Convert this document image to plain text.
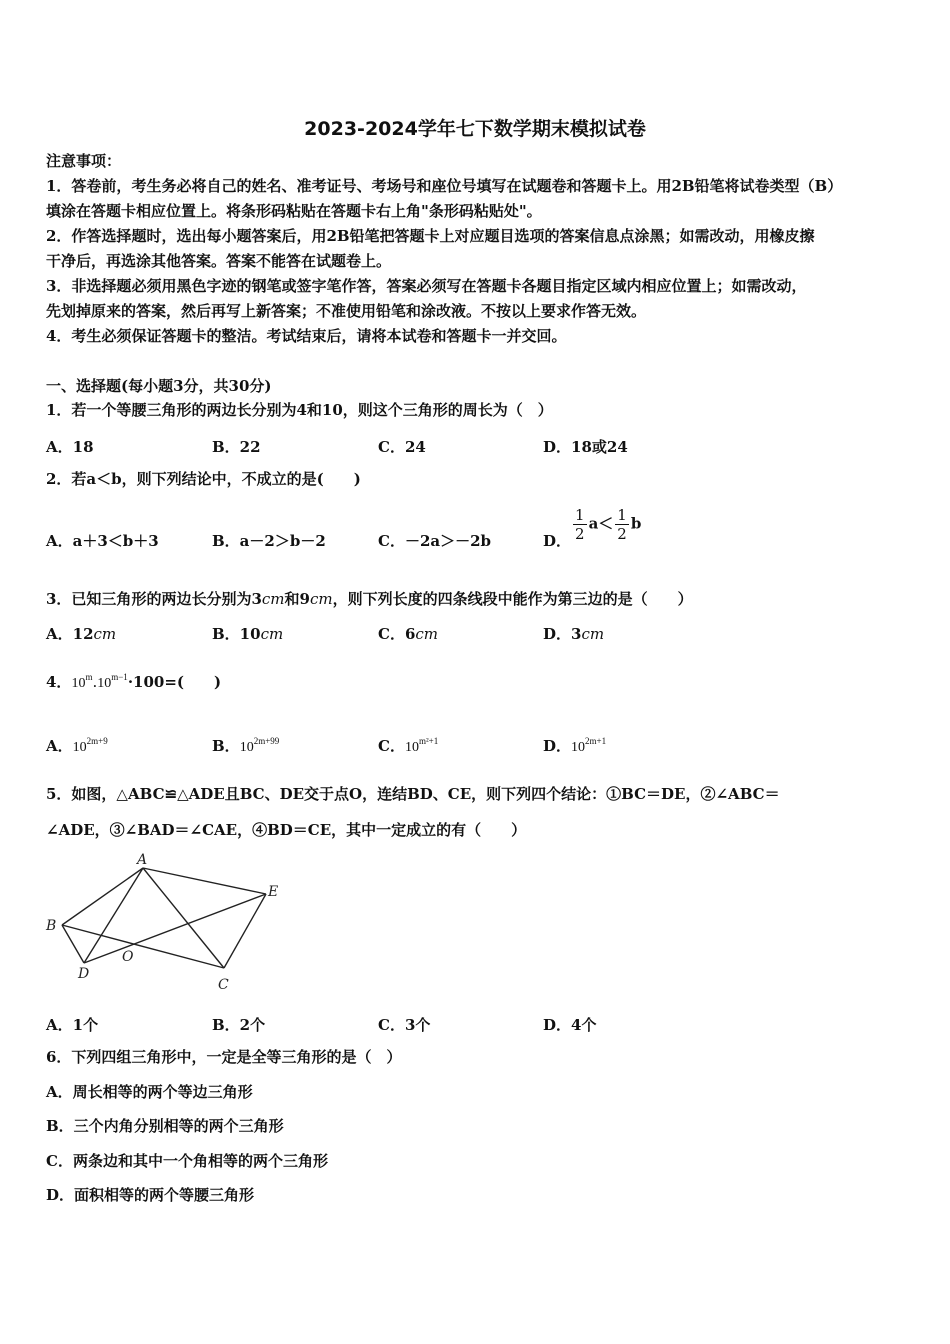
2023-2024学年七下数学期末模拟试卷
注意事项：
1．答卷前，考生务必将自己的姓名、准考证号、考场号和座位号填写在试题卷和答题卡上。用2B铅笔将试卷类型（B）
填涂在答题卡相应位置上。将条形码粘贴在答题卡右上角"条形码粘贴处"。
2．作答选择题时，选出每小题答案后，用2B铅笔把答题卡上对应题目选项的答案信息点涂黑；如需改动，用橡皮擦
干净后，再选涂其他答案。答案不能答在试题卷上。
3．非选择题必须用黑色字迹的钢笔或签字笔作答，答案必须写在答题卡各题目指定区域内相应位置上；如需改动，
先划掉原来的答案，然后再写上新答案；不准使用铅笔和涂改液。不按以上要求作答无效。
4．考生必须保证答题卡的整洁。考试结束后，请将本试卷和答题卡一并交回。
一、选择题(每小题3分，共30分)
1．若一个等腰三角形的两边长分别为4和10，则这个三角形的周长为（　）
A．18	B．22	C．24	D．18或24
2．若a＜b，则下列结论中，不成立的是(　　)
A．a＋3＜b＋3	B．a－2＞b－2	C．－2a＞－2b	D． $\frac{1}{2} a< \frac{1}{2}$ b
3．已知三角形的两边长分别为3cm和9cm，则下列长度的四条线段中能作为第三边的是（　　）
A．12cm	B．10cm	C．6cm	D．3cm
4．$10^m.10^{m-1}\cdot 100=$(　　)
A．$10^{2m+9}$	B．$10^{2m+99}$	C．$10^{m^2+1}$	D．$10^{2m+1}$
5．如图，△ABC≌△ADE且BC、DE交于点O，连结BD、CE，则下列四个结论：①BC＝DE，②∠ABC＝
∠ADE，③∠BAD＝∠CAE，④BD＝CE，其中一定成立的有（　　）
A
B
C
D
E
O
A．1个	B．2个	C．3个	D．4个
6．下列四组三角形中，一定是全等三角形的是（　）
A．周长相等的两个等边三角形
B．三个内角分别相等的两个三角形
C．两条边和其中一个角相等的两个三角形
D．面积相等的两个等腰三角形
